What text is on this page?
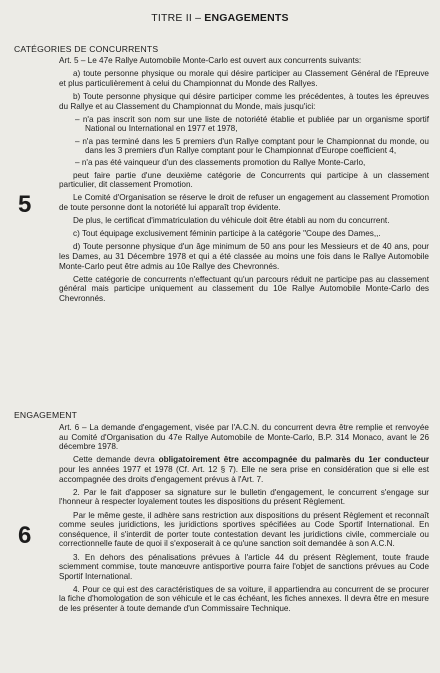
TITRE II – ENGAGEMENTS
CATÉGORIES DE CONCURRENTS
5

Art. 5 – Le 47e Rallye Automobile Monte-Carlo est ouvert aux concurrents suivants:

a) toute personne physique ou morale qui désire participer au Classement Général de l'Epreuve et plus particulièrement à celui du Championnat du Monde des Rallyes.

b) Toute personne physique qui désire participer comme les précédentes, à toutes les épreuves du Rallye et au Classement du Championnat du Monde, mais jusqu'ici:

– n'a pas inscrit son nom sur une liste de notoriété établie et publiée par un organisme sportif National ou International en 1977 et 1978,

– n'a pas terminé dans les 5 premiers d'un Rallye comptant pour le Championnat du monde, ou dans les 3 premiers d'un Rallye comptant pour le Championnat d'Europe coefficient 4,

– n'a pas été vainqueur d'un des classements promotion du Rallye Monte-Carlo,

peut faire partie d'une deuxième catégorie de Concurrents qui participe à un classement particulier, dit classement Promotion.

Le Comité d'Organisation se réserve le droit de refuser un engagement au classement Promotion de toute personne dont la notoriété lui apparaît trop évidente.

De plus, le certificat d'immatriculation du véhicule doit être établi au nom du concurrent.

c) Tout équipage exclusivement féminin participe à la catégorie "Coupe des Dames,,.

d) Toute personne physique d'un âge minimum de 50 ans pour les Messieurs et de 40 ans, pour les Dames, au 31 Décembre 1978 et qui a été classée au moins une fois dans le Rallye Automobile Monte-Carlo peut être admis au 10e Rallye des Chevronnés.

Cette catégorie de concurrents n'effectuant qu'un parcours réduit ne participe pas au classement général mais participe uniquement au classement du 10e Rallye Automobile Monte-Carlo des Chevronnés.

ENGAGEMENT
6

Art. 6 – La demande d'engagement, visée par l'A.C.N. du concurrent devra être remplie et renvoyée au Comité d'Organisation du 47e Rallye Automobile de Monte-Carlo, B.P. 314 Monaco, avant le 26 décembre 1978.

Cette demande devra obligatoirement être accompagnée du palmarès du 1er conducteur pour les années 1977 et 1978 (Cf. Art. 12 § 7). Elle ne sera prise en considération que si elle est accompagnée des droits d'engagement prévus à l'Art. 7.

2. Par le fait d'apposer sa signature sur le bulletin d'engagement, le concurrent s'engage sur l'honneur à respecter loyalement toutes les dispositions du présent Règlement.

Par le même geste, il adhère sans restriction aux dispositions du présent Règlement et reconnaît comme seules juridictions, les juridictions sportives spécifiées au Code Sportif International. En conséquence, il s'interdit de porter toute contestation devant les juridictions civile, commerciale ou correctionnelle faute de quoi il s'exposerait à ce qu'une sanction soit demandée à son A.C.N.

3. En dehors des pénalisations prévues à l'article 44 du présent Règlement, toute fraude sciemment commise, toute manœuvre antisportive pourra faire l'objet de sanctions prévues au Code Sportif International.

4. Pour ce qui est des caractéristiques de sa voiture, il appartiendra au concurrent de se procurer la fiche d'homologation de son véhicule et le cas échéant, les fiches annexes. Il devra être en mesure de les présenter à toute demande d'un Commissaire Technique.
